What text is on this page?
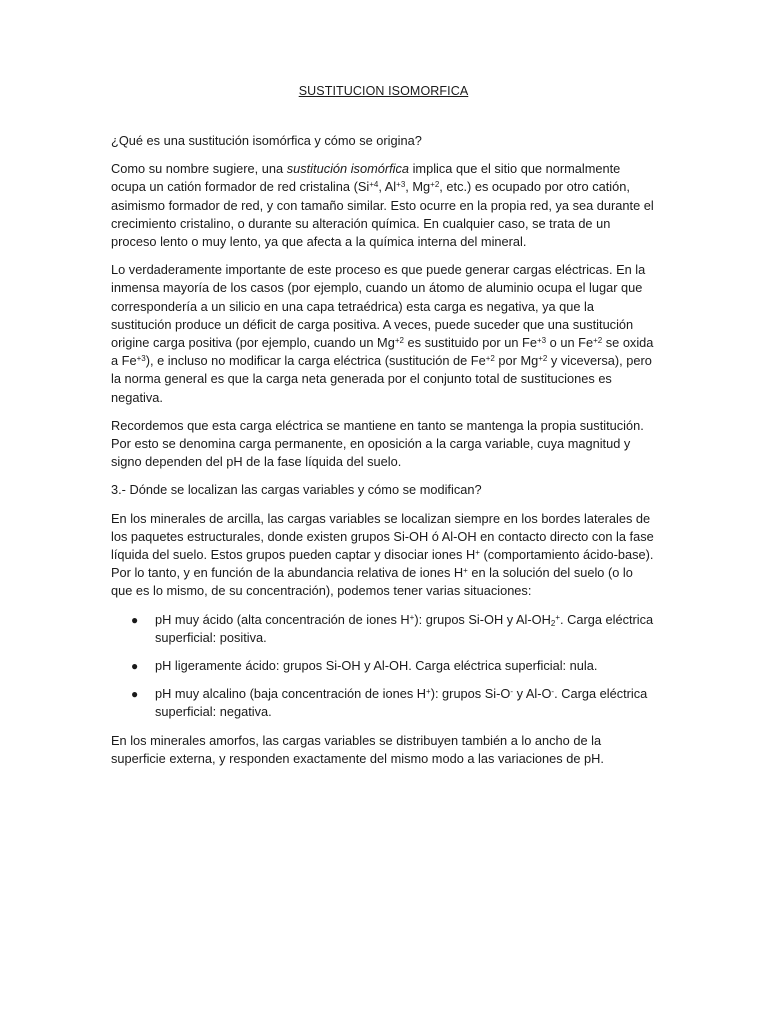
SUSTITUCION ISOMORFICA

¿Qué es una sustitución isomórfica y cómo se origina?

Como su nombre sugiere, una sustitución isomórfica implica que el sitio que normalmente ocupa un catión formador de red cristalina ($Si^{+4}$, $Al^{+3}$, $Mg^{+2}$, etc.) es ocupado por otro catión, asimismo formador de red, y con tamaño similar. Esto ocurre en la propia red, ya sea durante el crecimiento cristalino, o durante su alteración química. En cualquier caso, se trata de un proceso lento o muy lento, ya que afecta a la química interna del mineral.

Lo verdaderamente importante de este proceso es que puede generar cargas eléctricas. En la inmensa mayoría de los casos (por ejemplo, cuando un átomo de aluminio ocupa el lugar que correspondería a un silicio en una capa tetraédrica) esta carga es negativa, ya que la sustitución produce un déficit de carga positiva. A veces, puede suceder que una sustitución origine carga positiva (por ejemplo, cuando un $Mg^{+2}$ es sustituido por un $Fe^{+3}$ o un $Fe^{+2}$ se oxida a $Fe^{+3}$), e incluso no modificar la carga eléctrica (sustitución de $Fe^{+2}$ por $Mg^{+2}$ y viceversa), pero la norma general es que la carga neta generada por el conjunto total de sustituciones es negativa.

Recordemos que esta carga eléctrica se mantiene en tanto se mantenga la propia sustitución. Por esto se denomina carga permanente, en oposición a la carga variable, cuya magnitud y signo dependen del pH de la fase líquida del suelo.

3.- Dónde se localizan las cargas variables y cómo se modifican?

En los minerales de arcilla, las cargas variables se localizan siempre en los bordes laterales de los paquetes estructurales, donde existen grupos Si-OH ó Al-OH en contacto directo con la fase líquida del suelo. Estos grupos pueden captar y disociar iones H+ (comportamiento ácido-base). Por lo tanto, y en función de la abundancia relativa de iones H+ en la solución del suelo (o lo que es lo mismo, de su concentración), podemos tener varias situaciones:

● pH muy ácido (alta concentración de iones H+): grupos Si-OH y $Al-OH_2^+$. Carga eléctrica superficial: positiva.
● pH ligeramente ácido: grupos Si-OH y Al-OH. Carga eléctrica superficial: nula.
● pH muy alcalino (baja concentración de iones H+): grupos Si-O- y Al-O-. Carga eléctrica superficial: negativa.

En los minerales amorfos, las cargas variables se distribuyen también a lo ancho de la superficie externa, y responden exactamente del mismo modo a las variaciones de pH.
